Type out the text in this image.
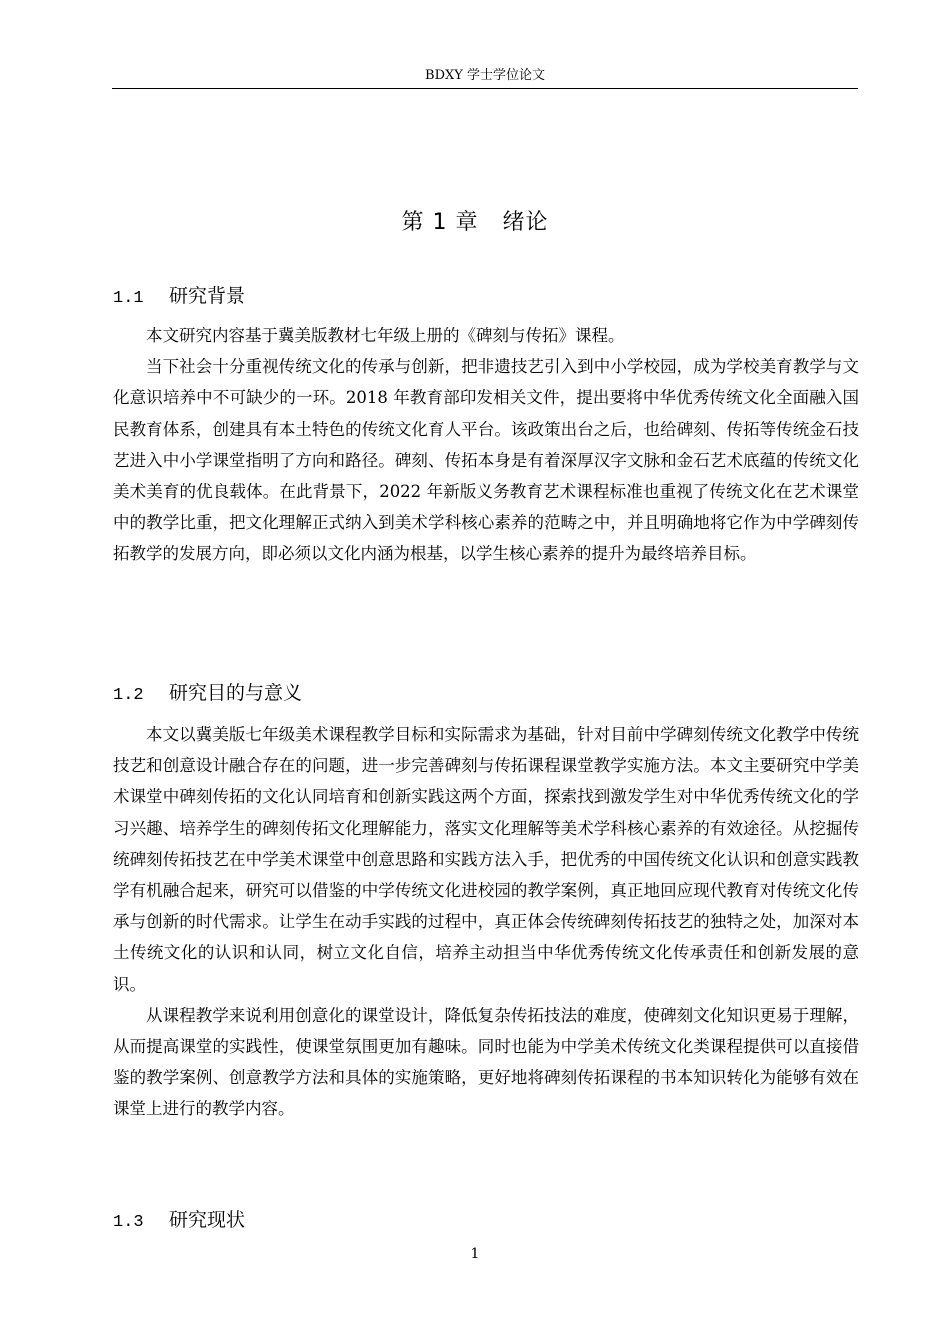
BDXY 学士学位论文
第 1 章 绪论
1.1 研究背景

本文研究内容基于冀美版教材七年级上册的《碑刻与传拓》课程。

当下社会十分重视传统文化的传承与创新，把非遗技艺引入到中小学校园，成为学校美育教学与文化意识培养中不可缺少的一环。2018 年教育部印发相关文件，提出要将中华优秀传统文化全面融入国民教育体系，创建具有本土特色的传统文化育人平台。该政策出台之后，也给碑刻、传拓等传统金石技艺进入中小学课堂指明了方向和路径。碑刻、传拓本身是有着深厚汉字文脉和金石艺术底蕴的传统文化美术美育的优良载体。在此背景下，2022 年新版义务教育艺术课程标准也重视了传统文化在艺术课堂中的教学比重，把文化理解正式纳入到美术学科核心素养的范畴之中，并且明确地将它作为中学碑刻传拓教学的发展方向，即必须以文化内涵为根基，以学生核心素养的提升为最终培养目标。

1.2 研究目的与意义

本文以冀美版七年级美术课程教学目标和实际需求为基础，针对目前中学碑刻传统文化教学中传统技艺和创意设计融合存在的问题，进一步完善碑刻与传拓课程课堂教学实施方法。本文主要研究中学美术课堂中碑刻传拓的文化认同培育和创新实践这两个方面，探索找到激发学生对中华优秀传统文化的学习兴趣、培养学生的碑刻传拓文化理解能力，落实文化理解等美术学科核心素养的有效途径。从挖掘传统碑刻传拓技艺在中学美术课堂中创意思路和实践方法入手，把优秀的中国传统文化认识和创意实践教学有机融合起来，研究可以借鉴的中学传统文化进校园的教学案例，真正地回应现代教育对传统文化传承与创新的时代需求。让学生在动手实践的过程中，真正体会传统碑刻传拓技艺的独特之处，加深对本土传统文化的认识和认同，树立文化自信，培养主动担当中华优秀传统文化传承责任和创新发展的意识。

从课程教学来说利用创意化的课堂设计，降低复杂传拓技法的难度，使碑刻文化知识更易于理解，从而提高课堂的实践性，使课堂氛围更加有趣味。同时也能为中学美术传统文化类课程提供可以直接借鉴的教学案例、创意教学方法和具体的实施策略，更好地将碑刻传拓课程的书本知识转化为能够有效在课堂上进行的教学内容。

1.3 研究现状
1
